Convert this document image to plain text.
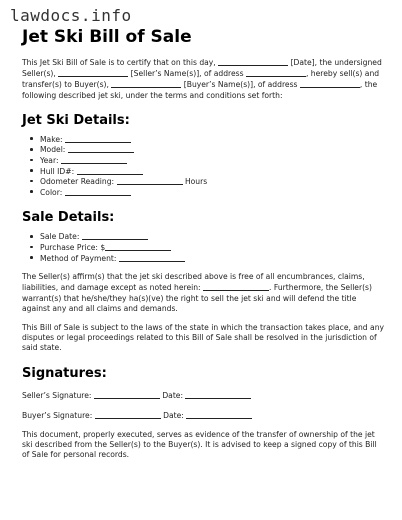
lawdocs.info
Jet Ski Bill of Sale

This Jet Ski Bill of Sale is to certify that on this day,	[Date], the undersigned Seller(s),	[Seller’s Name(s)], of address	, hereby sell(s) and transfer(s) to Buyer(s),	[Buyer’s Name(s)], of address	, the following described jet ski, under the terms and conditions set forth:

Jet Ski Details:
Make:
Model:
Year:
Hull ID#:
Odometer Reading:	Hours
Color:
Sale Details:
Sale Date:
Purchase Price: $
Method of Payment:

The Seller(s) affirm(s) that the jet ski described above is free of all encumbrances, claims, liabilities, and damage except as noted herein:	. Furthermore, the Seller(s) warrant(s) that he/she/they ha(s)(ve) the right to sell the jet ski and will defend the title against any and all claims and demands.

This Bill of Sale is subject to the laws of the state in which the transaction takes place, and any disputes or legal proceedings related to this Bill of Sale shall be resolved in the jurisdiction of said state.

Signatures:
Seller’s Signature:	Date:
Buyer’s Signature:	Date:

This document, properly executed, serves as evidence of the transfer of ownership of the jet ski described from the Seller(s) to the Buyer(s). It is advised to keep a signed copy of this Bill of Sale for personal records.
